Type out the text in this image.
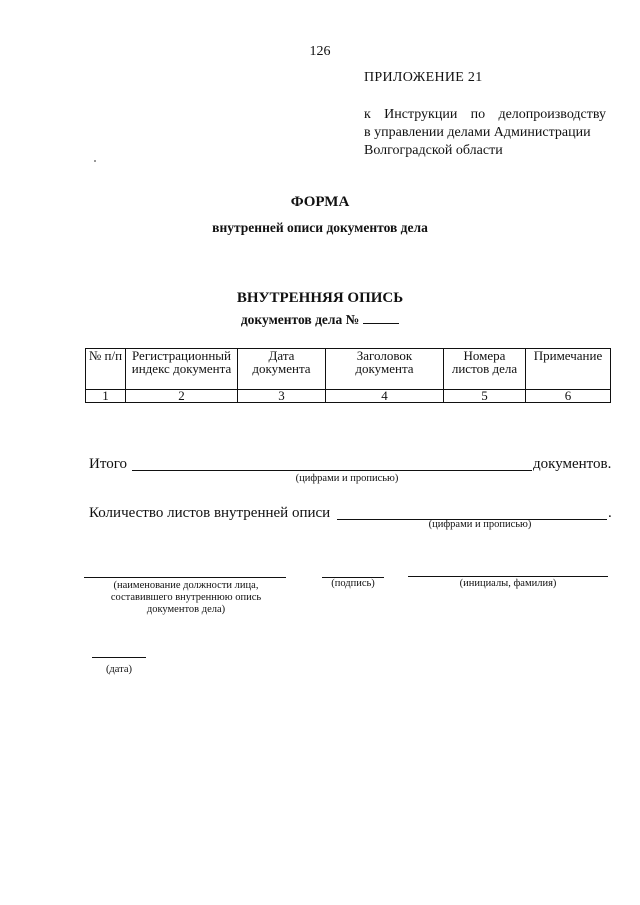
126
ПРИЛОЖЕНИЕ 21
к Инструкции по делопроизводству
в управлении делами Администрации
Волгоградской области
ФОРМА
внутренней описи документов дела
ВНУТРЕННЯЯ ОПИСЬ
документов дела №
№ п/п	Регистрационный индекс документа	Дата документа	Заголовок документа	Номера листов дела	Примечание
1	2	3	4	5	6
Итого	документов.
(цифрами и прописью)
Количество листов внутренней описи	.
(цифрами и прописью)
(наименование должности лица, составившего внутреннюю опись документов дела)
(подпись)	(инициалы, фамилия)
(дата)
